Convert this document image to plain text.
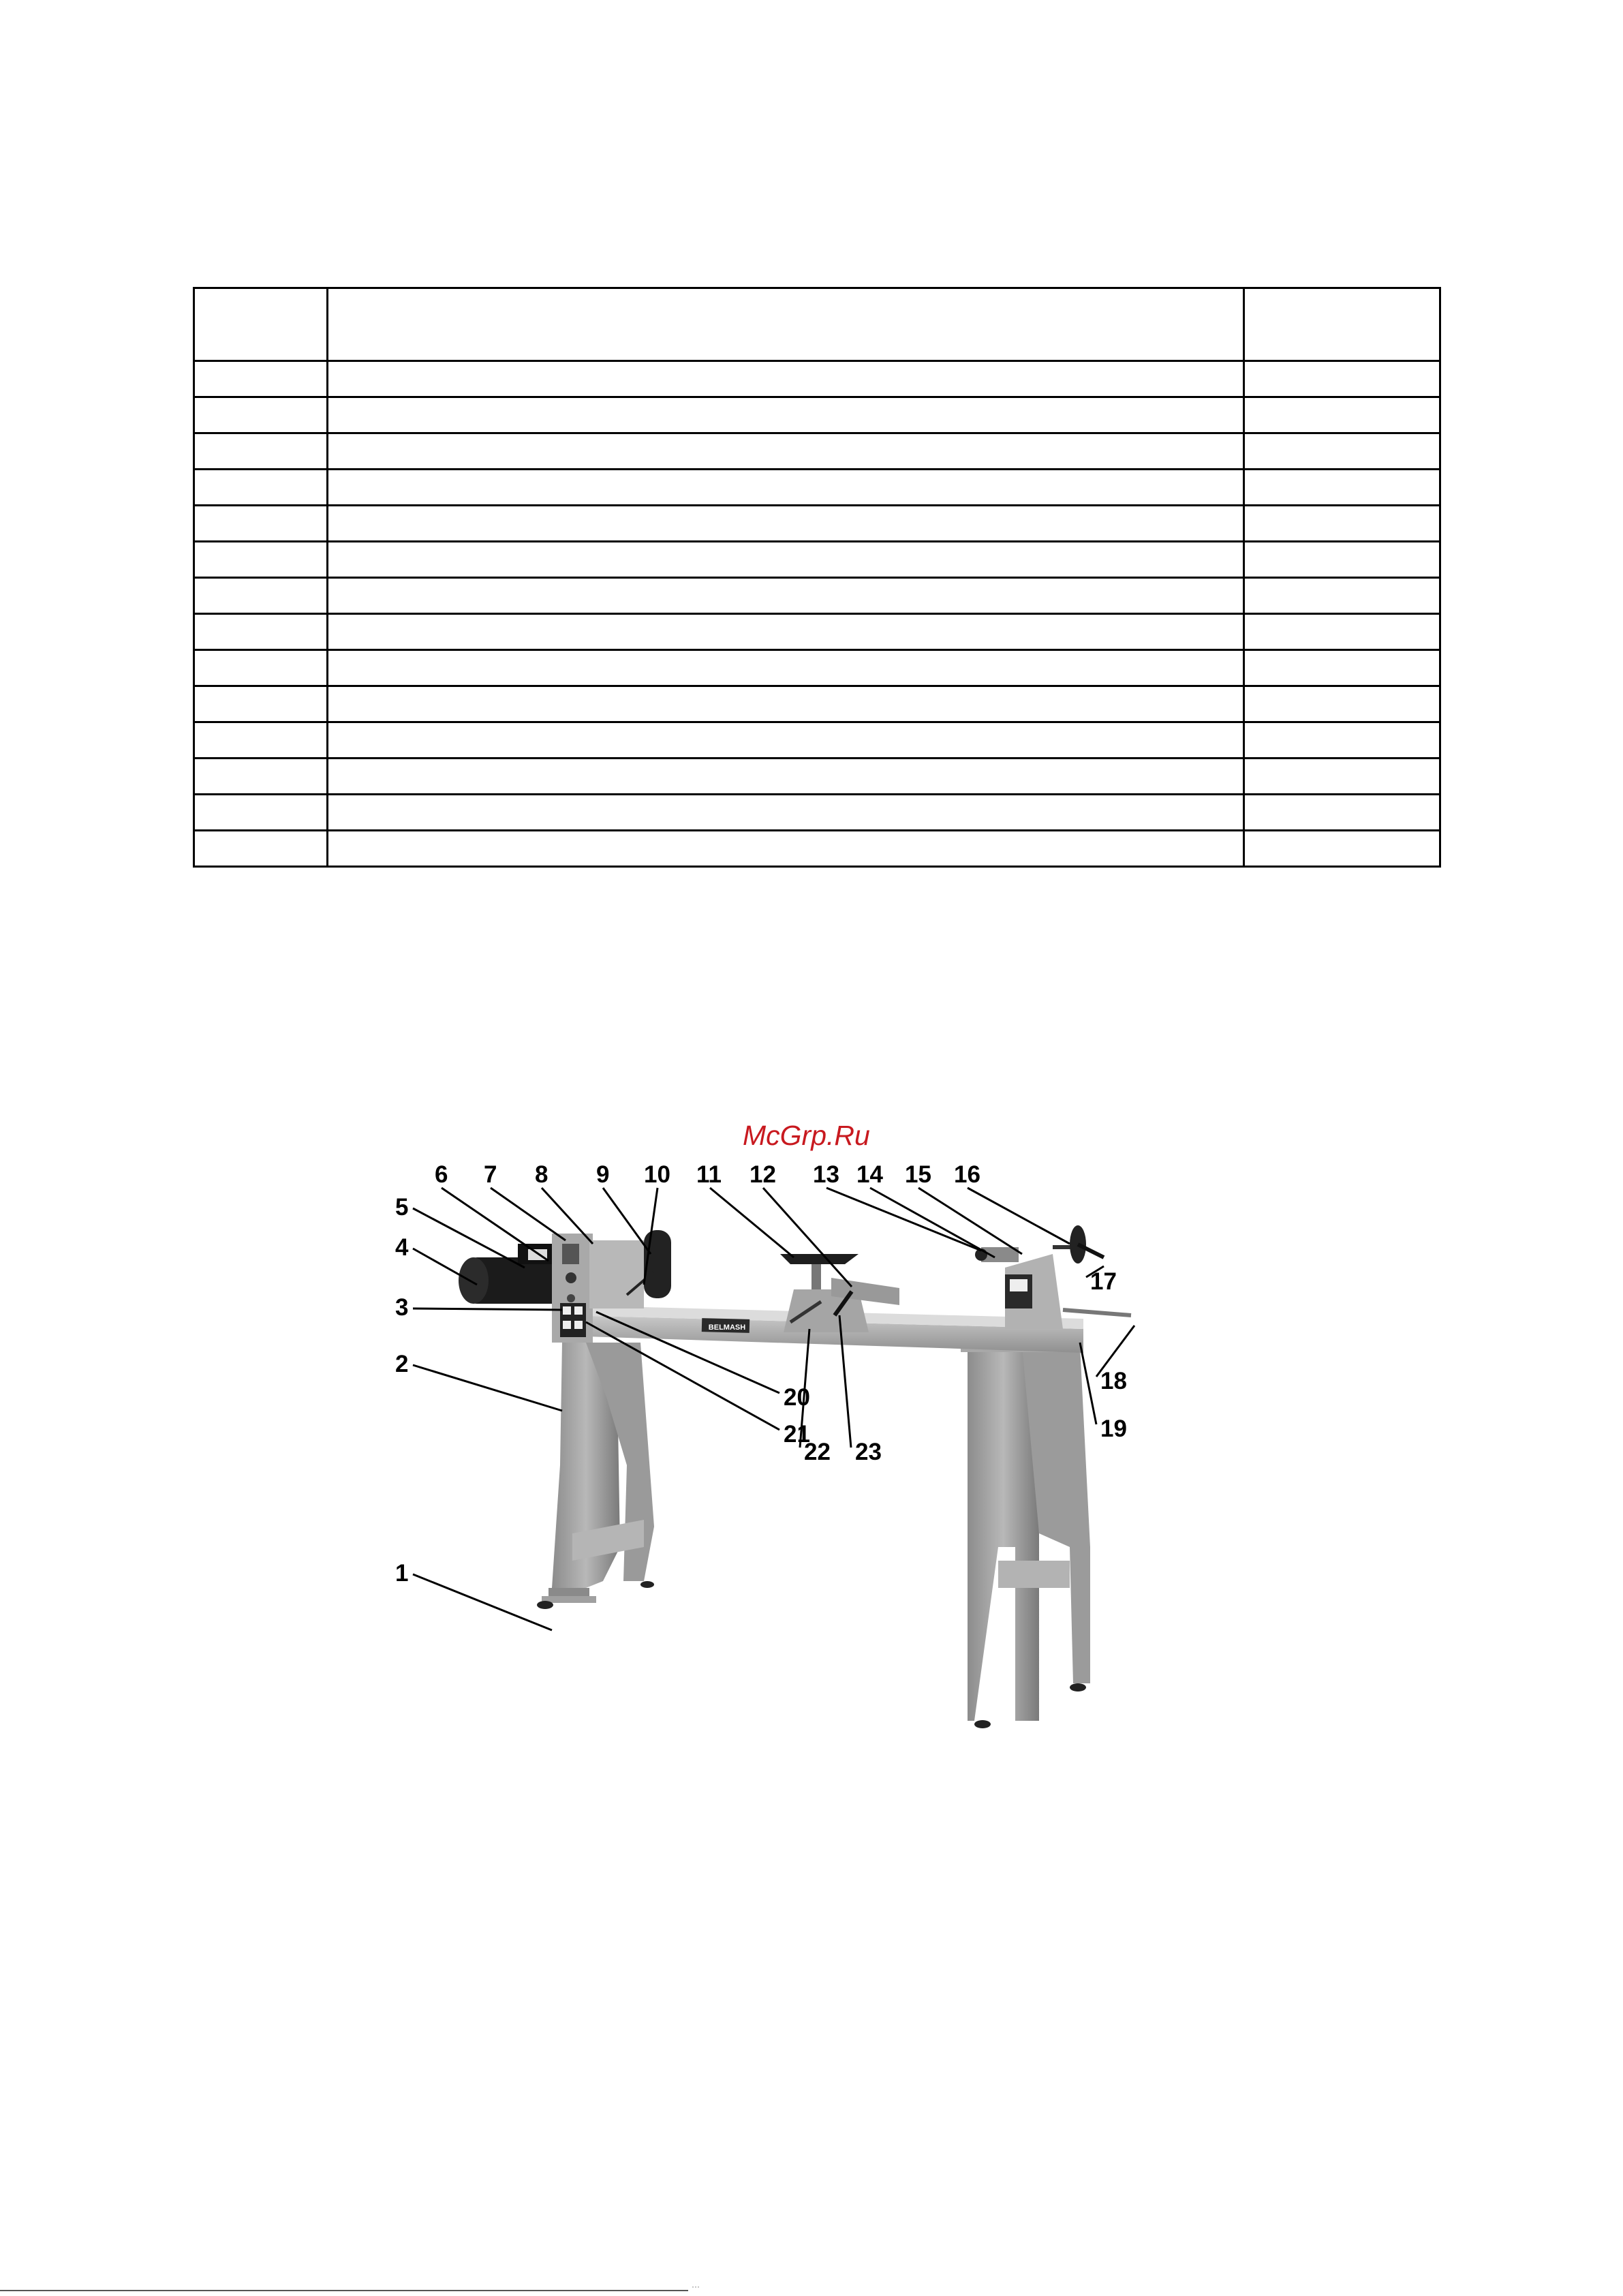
BELMASH
McGrp.Ru
1
2
3
4
5
6 7 8 9 10 11 12 13 14 15 16
17
18
19
20
21
22 23
···
